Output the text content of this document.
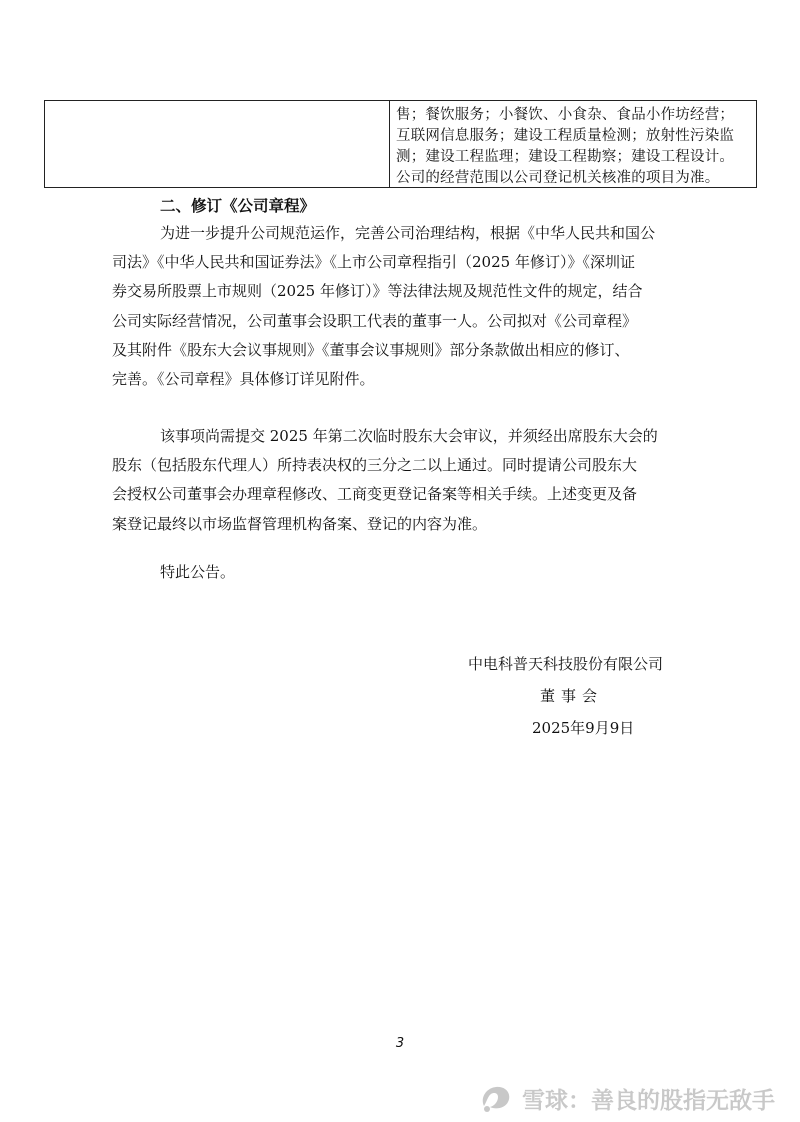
售；餐饮服务；小餐饮、小食杂、食品小作坊经营；
互联网信息服务；建设工程质量检测；放射性污染监
测；建设工程监理；建设工程勘察；建设工程设计。
公司的经营范围以公司登记机关核准的项目为准。
二、修订《公司章程》
为进一步提升公司规范运作，完善公司治理结构，根据《中华人民共和国公
司法》《中华人民共和国证券法》《上市公司章程指引（2025 年修订）》《深圳证
券交易所股票上市规则（2025 年修订）》等法律法规及规范性文件的规定，结合
公司实际经营情况，公司董事会设职工代表的董事一人。公司拟对《公司章程》
及其附件《股东大会议事规则》《董事会议事规则》部分条款做出相应的修订、
完善。《公司章程》具体修订详见附件。
该事项尚需提交 2025 年第二次临时股东大会审议，并须经出席股东大会的
股东（包括股东代理人）所持表决权的三分之二以上通过。同时提请公司股东大
会授权公司董事会办理章程修改、工商变更登记备案等相关手续。上述变更及备
案登记最终以市场监督管理机构备案、登记的内容为准。
特此公告。
中电科普天科技股份有限公司
董事会
2025年9月9日
3
雪球：善良的股指无敌手
